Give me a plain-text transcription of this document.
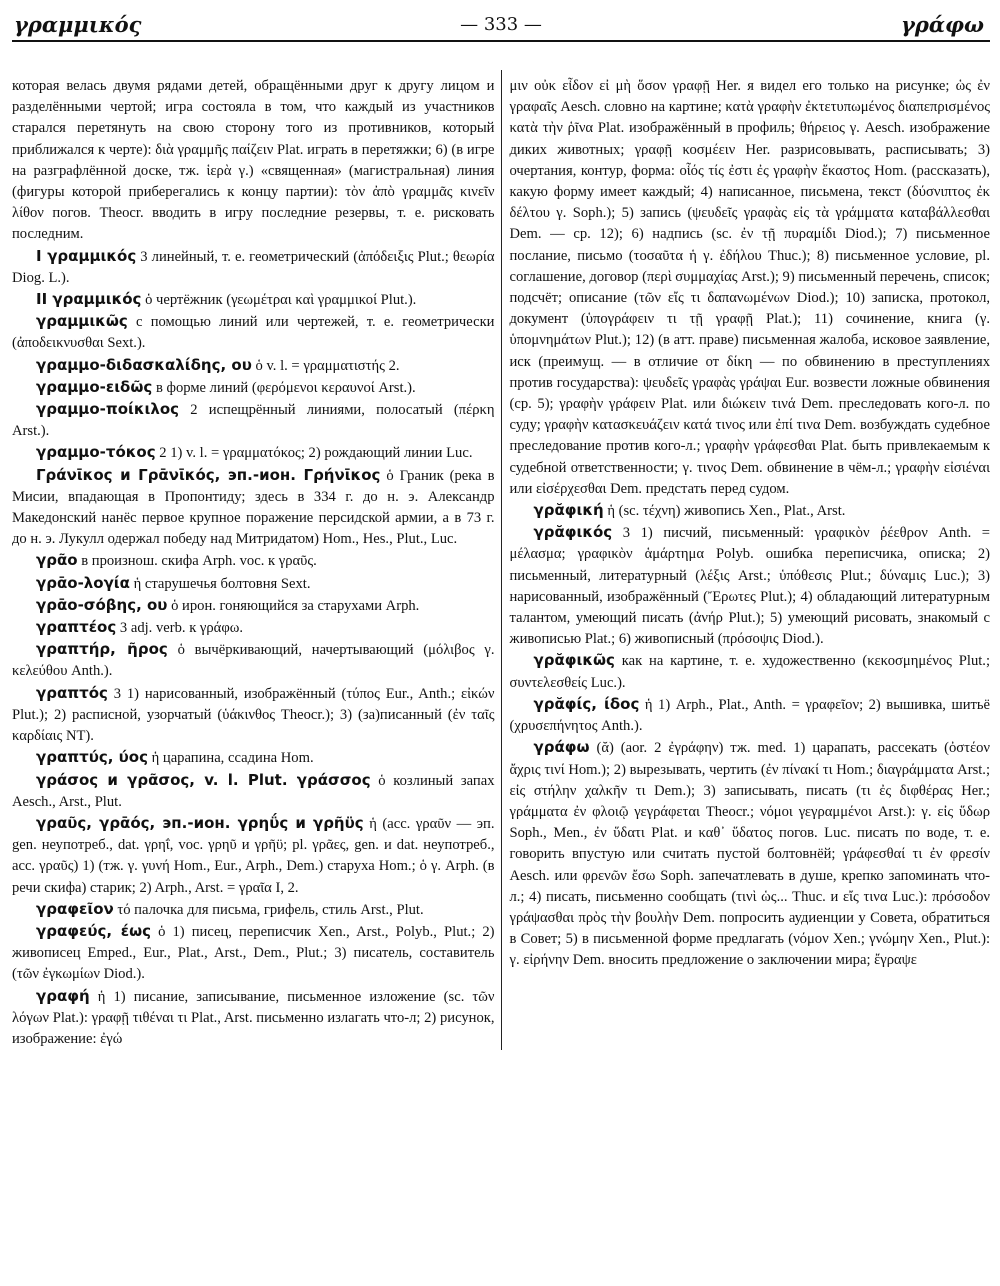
γραμμικός	— 333 —	γράφω

которая велась двумя рядами детей, обращёнными друг к другу лицом и разделёнными чертой; игра состояла в том, что каждый из участников старался перетянуть на свою сторону того из противников, который приближался к черте): διὰ γραμμῆς παίζειν Plat. играть в перетяжки; 6) (в игре на разграфлённой доске, тж. ἱερὰ γ.) «священная» (магистральная) линия (фигуры которой приберегались к концу партии): τὸν ἀπὸ γραμμᾶς κινεῖν λίθον погов. Theocr. вводить в игру последние резервы, т. е. рисковать последним.

I γραμμικός 3 линейный, т. е. геометрический (ἀπόδειξις Plut.; θεωρία Diog. L.).

II γραμμικός ὁ чертёжник (γεωμέτραι καὶ γραμμικοί Plut.).

γραμμικῶς с помощью линий или чертежей, т. е. геометрически (ἀποδεικνυσθαι Sext.).

γραμμο-διδασκαλίδης, ου ὁ v. l. = γραμματιστής 2.

γραμμο-ειδῶς в форме линий (φερόμενοι κεραυνοί Arst.).

γραμμο-ποίκιλος 2 испещрённый линиями, полосатый (πέρκη Arst.).

γραμμο-τόκος 2 1) v. l. = γραμματόκος; 2) рождающий линии Luc.

Γράνῑκος и Γρᾱνῑκός, эп.-ион. Γρήνῑκος ὁ Граник (река в Мисии, впадающая в Пропонтиду; здесь в 334 г. до н. э. Александр Македонский нанёс первое крупное поражение персидской армии, а в 73 г. до н. э. Лукулл одержал победу над Митридатом) Hom., Hes., Plut., Luc.

γρᾶο в произнош. скифа Arph. voc. к γραῦς.

γρᾱο-λογία ἡ старушечья болтовня Sext.

γρᾱο-σόβης, ου ὁ ирон. гоняющийся за старухами Arph.

γραπτέος 3 adj. verb. к γράφω.

γραπτήρ, ῆρος ὁ вычёркивающий, начертывающий (μόλιβος γ. κελεύθου Anth.).

γραπτός 3 1) нарисованный, изображённый (τύπος Eur., Anth.; εἰκών Plut.); 2) расписной, узорчатый (ὑάκινθος Theocr.); 3) (за)писанный (ἐν ταῖς καρδίαις NT).

γραπτύς, ύος ἡ царапина, ссадина Hom.

γράσος и γρᾶσος, v. l. Plut. γράσσος ὁ козлиный запах Aesch., Arst., Plut.

γραῦς, γρᾱός, эп.-ион. γρηΰς и γρῆϋς ἡ (acc. γραῦν — эп. gen. неупотреб., dat. γρηΐ, voc. γρηῦ и γρῆϋ; pl. γρᾶες, gen. и dat. неупотреб., acc. γραῦς) 1) (тж. γ. γυνή Hom., Eur., Arph., Dem.) старуха Hom.; ὁ γ. Arph. (в речи скифа) старик; 2) Arph., Arst. = γραῖα I, 2.

γραφεῖον τό палочка для письма, грифель, стиль Arst., Plut.

γραφεύς, έως ὁ 1) писец, переписчик Xen., Arst., Polyb., Plut.; 2) живописец Emped., Eur., Plat., Arst., Dem., Plut.; 3) писатель, составитель (τῶν ἐγκωμίων Diod.).

γραφή ἡ 1) писание, записывание, письменное изложение (sc. τῶν λόγων Plat.): γραφῇ τιθέναι τι Plat., Arst. письменно излагать что-л; 2) рисунок, изображение: ἐγώ

μιν οὐκ εἶδον εἰ μὴ ὅσον γραφῇ Her. я видел его только на рисунке; ὡς ἐν γραφαῖς Aesch. словно на картине; κατὰ γραφὴν ἐκτετυπωμένος διαπεπρισμένος κατὰ τὴν ῥῖνα Plat. изображённый в профиль; θήρειος γ. Aesch. изображение диких животных; γραφῇ κοσμέειν Her. разрисовывать, расписывать; 3) очертания, контур, форма: οἷός τίς ἐστι ἐς γραφὴν ἕκαστος Hom. (рассказать), какую форму имеет каждый; 4) написанное, письмена, текст (δύσνιπτος ἐκ δέλτου γ. Soph.); 5) запись (ψευδεῖς γραφὰς εἰς τὰ γράμματα καταβάλλεσθαι Dem. — ср. 12); 6) надпись (sc. ἐν τῇ πυραμίδι Diod.); 7) письменное послание, письмо (τοσαῦτα ἡ γ. ἐδήλου Thuc.); 8) письменное условие, pl. соглашение, договор (περὶ συμμαχίας Arst.); 9) письменный перечень, список; подсчёт; описание (τῶν εἴς τι δαπανωμένων Diod.); 10) записка, протокол, документ (ὑπογράφειν τι τῇ γραφῇ Plat.); 11) сочинение, книга (γ. ὑπομνημάτων Plut.); 12) (в атт. праве) письменная жалоба, исковое заявление, иск (преимущ. — в отличие от δίκη — по обвинению в преступлениях против государства): ψευδεῖς γραφὰς γράψαι Eur. возвести ложные обвинения (ср. 5); γραφὴν γράφειν Plat. или διώκειν τινά Dem. преследовать кого-л. по суду; γραφὴν κατασκευάζειν κατά τινος или ἐπί τινα Dem. возбуждать судебное преследование против кого-л.; γραφὴν γράφεσθαι Plat. быть привлекаемым к судебной ответственности; γ. τινος Dem. обвинение в чём-л.; γραφὴν εἰσιέναι или εἰσέρχεσθαι Dem. предстать перед судом.

γρᾰφική ἡ (sc. τέχνη) живопись Xen., Plat., Arst.

γρᾰφικός 3 1) писчий, письменный: γραφικὸν ῥέεθρον Anth. = μέλασμα; γραφικὸν ἁμάρτημα Polyb. ошибка переписчика, описка; 2) письменный, литературный (λέξις Arst.; ὑπόθεσις Plut.; δύναμις Luc.); 3) нарисованный, изображённый (Ἔρωτες Plut.); 4) обладающий литературным талантом, умеющий писать (ἀνήρ Plut.); 5) умеющий рисовать, знакомый с живописью Plat.; 6) живописный (πρόσοψις Diod.).

γρᾰφικῶς как на картине, т. е. художественно (κεκοσμημένος Plut.; συντελεσθείς Luc.).

γρᾰφίς, ίδος ἡ 1) Arph., Plat., Anth. = γραφεῖον; 2) вышивка, шитьё (χρυσεπήνητος Anth.).

γράφω (ᾰ) (aor. 2 ἐγράφην) тж. med. 1) царапать, рассекать (ὀστέον ἄχρις τινί Hom.); 2) вырезывать, чертить (ἐν πίνακί τι Hom.; διαγράμματα Arst.; εἰς στήλην χαλκῆν τι Dem.); 3) записывать, писать (τι ἐς διφθέρας Her.; γράμματα ἐν φλοιῷ γεγράφεται Theocr.; νόμοι γεγραμμένοι Arst.): γ. εἰς ὕδωρ Soph., Men., ἐν ὕδατι Plat. и καθ᾽ ὕδατος погов. Luc. писать по воде, т. е. говорить впустую или считать пустой болтовнёй; γράφεσθαί τι ἐν φρεσίν Aesch. или φρενῶν ἔσω Soph. запечатлевать в душе, крепко запоминать что-л.; 4) писать, письменно сообщать (τινὶ ὡς... Thuc. и εἴς τινα Luc.): πρόσοδον γράψασθαι πρὸς τὴν βουλὴν Dem. попросить аудиенции у Совета, обратиться в Совет; 5) в письменной форме предлагать (νόμον Xen.; γνώμην Xen., Plut.): γ. εἰρήνην Dem. вносить предложение о заключении мира; ἔγραψε
